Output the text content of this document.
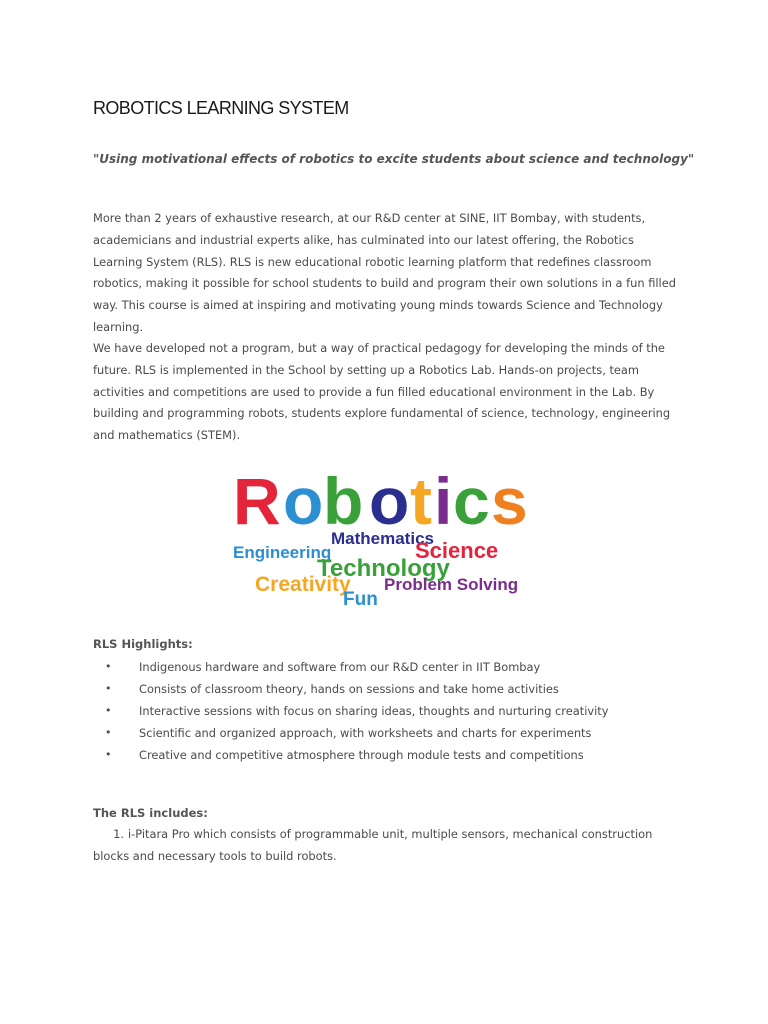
ROBOTICS LEARNING SYSTEM
"Using motivational effects of robotics to excite students about science and technology"

More than 2 years of exhaustive research, at our R&D center at SINE, IIT Bombay, with students, academicians and industrial experts alike, has culminated into our latest offering, the Robotics Learning System (RLS). RLS is new educational robotic learning platform that redefines classroom robotics, making it possible for school students to build and program their own solutions in a fun filled way. This course is aimed at inspiring and motivating young minds towards Science and Technology learning.

We have developed not a program, but a way of practical pedagogy for developing the minds of the future. RLS is implemented in the School by setting up a Robotics Lab. Hands-on projects, team activities and competitions are used to provide a fun filled educational environment in the Lab. By building and programming robots, students explore fundamental of science, technology, engineering and mathematics (STEM).

R o b o t i c s
Mathematics
Engineering	Science
Technology
Creativity Problem Solving
Fun
RLS Highlights:
• Indigenous hardware and software from our R&D center in IIT Bombay
• Consists of classroom theory, hands on sessions and take home activities
• Interactive sessions with focus on sharing ideas, thoughts and nurturing creativity
• Scientific and organized approach, with worksheets and charts for experiments
• Creative and competitive atmosphere through module tests and competitions
The RLS includes:

1. i-Pitara Pro which consists of programmable unit, multiple sensors, mechanical construction blocks and necessary tools to build robots.
